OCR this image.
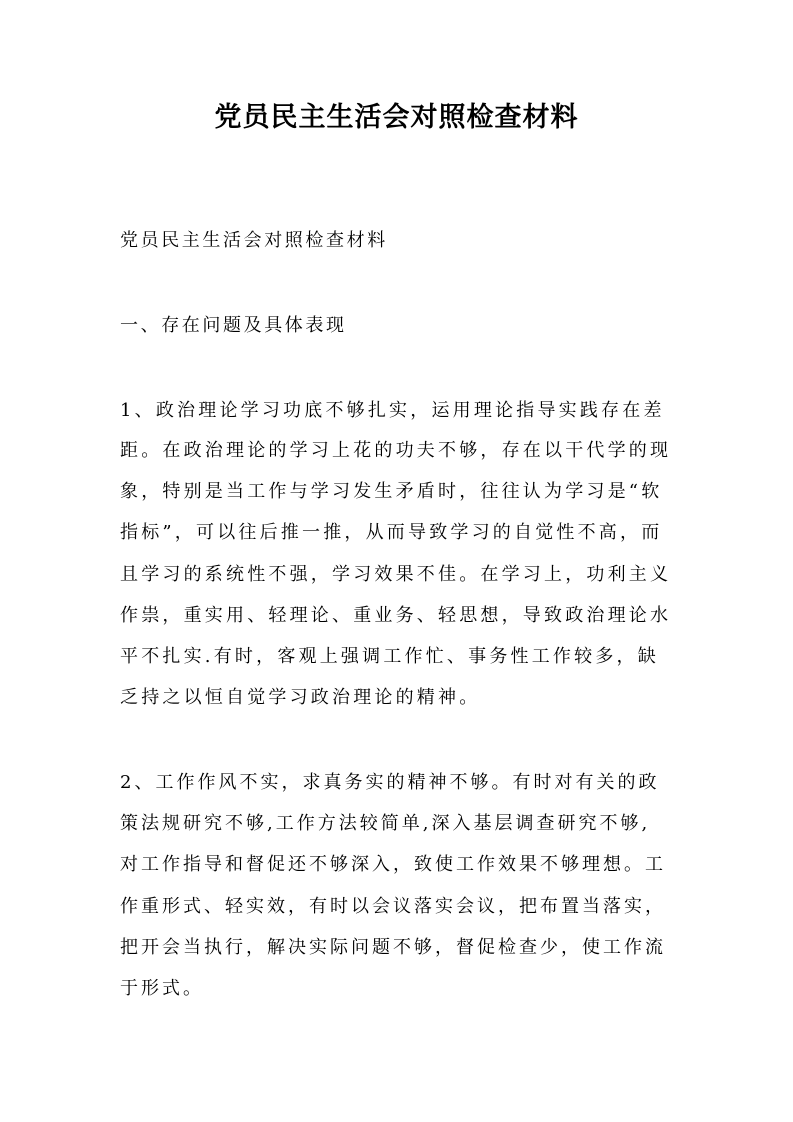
党员民主生活会对照检查材料
党员民主生活会对照检查材料
一、存在问题及具体表现
1、政治理论学习功底不够扎实，运用理论指导实践存在差
距。在政治理论的学习上花的功夫不够，存在以干代学的现
象，特别是当工作与学习发生矛盾时，往往认为学习是“软
指标”，可以往后推一推，从而导致学习的自觉性不高，而
且学习的系统性不强，学习效果不佳。在学习上，功利主义
作祟，重实用、轻理论、重业务、轻思想，导致政治理论水
平不扎实.有时，客观上强调工作忙、事务性工作较多，缺
乏持之以恒自觉学习政治理论的精神。
2、工作作风不实，求真务实的精神不够。有时对有关的政
策法规研究不够,工作方法较简单,深入基层调查研究不够,
对工作指导和督促还不够深入，致使工作效果不够理想。工
作重形式、轻实效，有时以会议落实会议，把布置当落实，
把开会当执行，解决实际问题不够，督促检查少，使工作流
于形式。
